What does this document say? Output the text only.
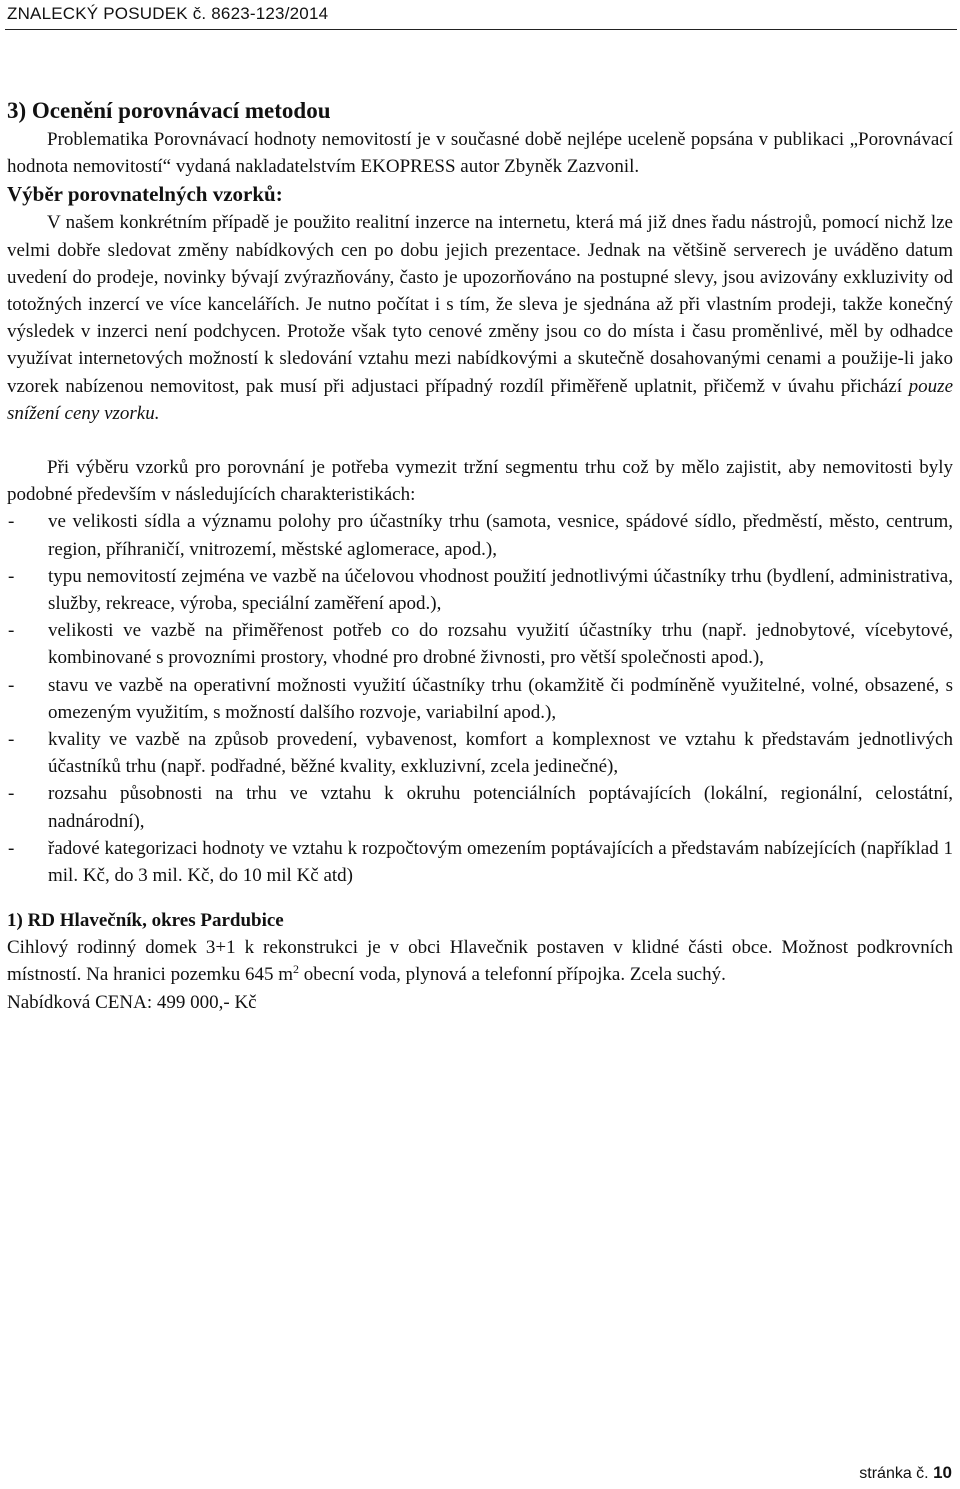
ZNALECKÝ POSUDEK č. 8623-123/2014
3) Ocenění porovnávací metodou

Problematika Porovnávací hodnoty nemovitostí je v současné době nejlépe uceleně popsána v publikaci „Porovnávací hodnota nemovitostí“ vydaná nakladatelstvím EKOPRESS autor Zbyněk Zazvonil.

Výběr porovnatelných vzorků:

V našem konkrétním případě je použito realitní inzerce na internetu, která má již dnes řadu nástrojů, pomocí nichž lze velmi dobře sledovat změny nabídkových cen po dobu jejich prezentace. Jednak na většině serverech je uváděno datum uvedení do prodeje, novinky bývají zvýrazňovány, často je upozorňováno na postupné slevy, jsou avizovány exkluzivity od totožných inzercí ve více kancelářích. Je nutno počítat i s tím, že sleva je sjednána až při vlastním prodeji, takže konečný výsledek v inzerci není podchycen. Protože však tyto cenové změny jsou co do místa i času proměnlivé, měl by odhadce využívat internetových možností k sledování vztahu mezi nabídkovými a skutečně dosahovanými cenami a použije-li jako vzorek nabízenou nemovitost, pak musí při adjustaci případný rozdíl přiměřeně uplatnit, přičemž v úvahu přichází pouze snížení ceny vzorku.

Při výběru vzorků pro porovnání je potřeba vymezit tržní segmentu trhu což by mělo zajistit, aby nemovitosti byly podobné především v následujících charakteristikách:

- ve velikosti sídla a významu polohy pro účastníky trhu (samota, vesnice, spádové sídlo, předměstí, město, centrum, region, příhraničí, vnitrozemí, městské aglomerace, apod.),
- typu nemovitostí zejména ve vazbě na účelovou vhodnost použití jednotlivými účastníky trhu (bydlení, administrativa, služby, rekreace, výroba, speciální zaměření apod.),
- velikosti ve vazbě na přiměřenost potřeb co do rozsahu využití účastníky trhu (např. jednobytové, vícebytové, kombinované s provozními prostory, vhodné pro drobné živnosti, pro větší společnosti apod.),
- stavu ve vazbě na operativní možnosti využití účastníky trhu (okamžitě či podmíněně využitelné, volné, obsazené, s omezeným využitím, s možností dalšího rozvoje, variabilní apod.),
- kvality ve vazbě na způsob provedení, vybavenost, komfort a komplexnost ve vztahu k představám jednotlivých účastníků trhu (např. podřadné, běžné kvality, exkluzivní, zcela jedinečné),
- rozsahu působnosti na trhu ve vztahu k okruhu potenciálních poptávajících (lokální, regionální, celostátní, nadnárodní),
- řadové kategorizaci hodnoty ve vztahu k rozpočtovým omezením poptávajících a představám nabízejících (například 1 mil. Kč, do 3 mil. Kč, do 10 mil Kč atd)
1) RD Hlavečník, okres Pardubice

Cihlový rodinný domek 3+1 k rekonstrukci je v obci Hlavečnik postaven v klidné části obce. Možnost podkrovních místností. Na hranici pozemku 645 $m^2$ obecní voda, plynová a telefonní přípojka. Zcela suchý.

Nabídková CENA: 499 000,- Kč

stránka č. 10
